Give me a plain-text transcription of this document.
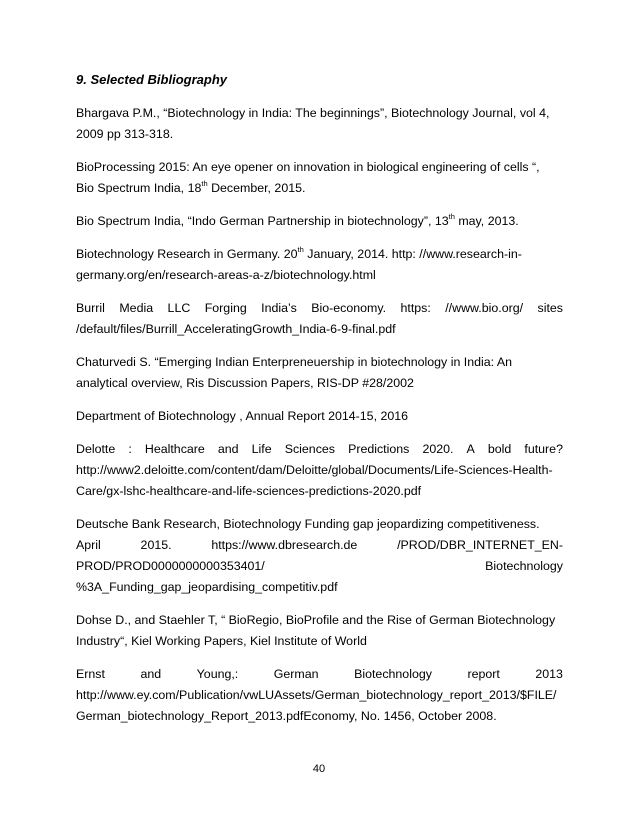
9. Selected Bibliography
Bhargava P.M., “Biotechnology in India: The beginnings”, Biotechnology Journal, vol 4,
2009 pp 313-318.
BioProcessing 2015: An eye opener on innovation in biological engineering of cells “,
Bio Spectrum India, 18th December, 2015.
Bio Spectrum India, “Indo German Partnership in biotechnology”, 13th may, 2013.
Biotechnology Research in Germany. 20th January, 2014. http: //www.research-in-
germany.org/en/research-areas-a-z/biotechnology.html
Burril Media LLC Forging India’s Bio-economy. https: //www.bio.org/ sites
/default/files/Burrill_AcceleratingGrowth_India-6-9-final.pdf
Chaturvedi S. “Emerging Indian Enterpreneuership in biotechnology in India: An
analytical overview, Ris Discussion Papers, RIS-DP #28/2002
Department of Biotechnology , Annual Report 2014-15, 2016
Delotte : Healthcare and Life Sciences Predictions 2020. A bold future?
http://www2.deloitte.com/content/dam/Deloitte/global/Documents/Life-Sciences-Health-
Care/gx-lshc-healthcare-and-life-sciences-predictions-2020.pdf
Deutsche Bank Research, Biotechnology Funding gap jeopardizing competitiveness.
April	2015.	https://www.dbresearch.de	/PROD/DBR_INTERNET_EN-
PROD/PROD0000000000353401/	Biotechnology
%3A_Funding_gap_jeopardising_competitiv.pdf
Dohse D., and Staehler T, “ BioRegio, BioProfile and the Rise of German Biotechnology
Industry“, Kiel Working Papers, Kiel Institute of World
Ernst	and	Young,:	German	Biotechnology	report	2013
http://www.ey.com/Publication/vwLUAssets/German_biotechnology_report_2013/$FILE/
German_biotechnology_Report_2013.pdfEconomy, No. 1456, October 2008.
40
